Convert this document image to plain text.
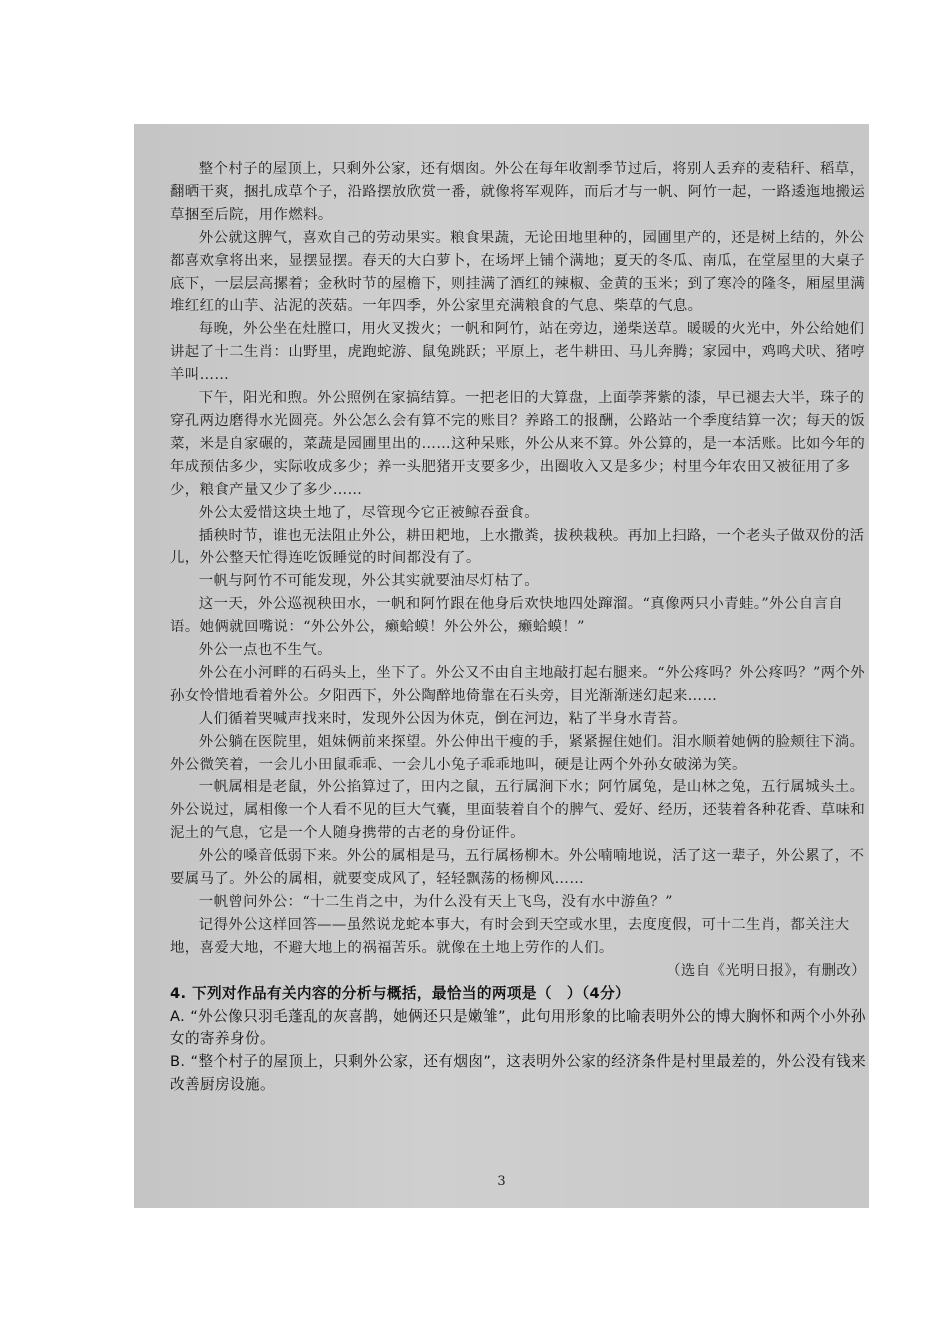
整个村子的屋顶上，只剩外公家，还有烟囱。外公在每年收割季节过后，将别人丢弃的麦秸秆、稻草，翻晒干爽，捆扎成草个子，沿路摆放欣赏一番，就像将军观阵，而后才与一帆、阿竹一起，一路逶迤地搬运草捆至后院，用作燃料。

外公就这脾气，喜欢自己的劳动果实。粮食果蔬，无论田地里种的，园圃里产的，还是树上结的，外公都喜欢拿将出来，显摆显摆。春天的大白萝卜，在场坪上铺个满地；夏天的冬瓜、南瓜，在堂屋里的大桌子底下，一层层高摞着；金秋时节的屋檐下，则挂满了酒红的辣椒、金黄的玉米；到了寒冷的隆冬，厢屋里满堆红红的山芋、沾泥的茨菇。一年四季，外公家里充满粮食的气息、柴草的气息。

每晚，外公坐在灶膛口，用火叉拨火；一帆和阿竹，站在旁边，递柴送草。暖暖的火光中，外公给她们讲起了十二生肖：山野里，虎跑蛇游、鼠兔跳跃；平原上，老牛耕田、马儿奔腾；家园中，鸡鸣犬吠、猪哼羊叫……

下午，阳光和煦。外公照例在家搞结算。一把老旧的大算盘，上面荸荠紫的漆，早已褪去大半，珠子的穿孔两边磨得水光圆亮。外公怎么会有算不完的账目？养路工的报酬，公路站一个季度结算一次；每天的饭菜，米是自家碾的，菜蔬是园圃里出的……这种呆账，外公从来不算。外公算的，是一本活账。比如今年的年成预估多少，实际收成多少；养一头肥猪开支要多少，出圈收入又是多少；村里今年农田又被征用了多少，粮食产量又少了多少……

外公太爱惜这块土地了，尽管现今它正被鲸吞蚕食。

插秧时节，谁也无法阻止外公，耕田耙地，上水撒粪，拔秧栽秧。再加上扫路，一个老头子做双份的活儿，外公整天忙得连吃饭睡觉的时间都没有了。

一帆与阿竹不可能发现，外公其实就要油尽灯枯了。

这一天，外公巡视秧田水，一帆和阿竹跟在他身后欢快地四处蹿溜。“真像两只小青蛙。”外公自言自语。她俩就回嘴说：“外公外公，癞蛤蟆！外公外公，癞蛤蟆！”

外公一点也不生气。

外公在小河畔的石码头上，坐下了。外公又不由自主地敲打起右腿来。“外公疼吗？外公疼吗？”两个外孙女怜惜地看着外公。夕阳西下，外公陶醉地倚靠在石头旁，目光渐渐迷幻起来……

人们循着哭喊声找来时，发现外公因为休克，倒在河边，粘了半身水青苔。

外公躺在医院里，姐妹俩前来探望。外公伸出干瘦的手，紧紧握住她们。泪水顺着她俩的脸颊往下淌。外公微笑着，一会儿小田鼠乖乖、一会儿小兔子乖乖地叫，硬是让两个外孙女破涕为笑。

一帆属相是老鼠，外公掐算过了，田内之鼠，五行属涧下水；阿竹属兔，是山林之兔，五行属城头土。外公说过，属相像一个人看不见的巨大气囊，里面装着自个的脾气、爱好、经历，还装着各种花香、草味和泥土的气息，它是一个人随身携带的古老的身份证件。

外公的嗓音低弱下来。外公的属相是马，五行属杨柳木。外公喃喃地说，活了这一辈子，外公累了，不要属马了。外公的属相，就要变成风了，轻轻飘荡的杨柳风……

一帆曾问外公：“十二生肖之中，为什么没有天上飞鸟，没有水中游鱼？”

记得外公这样回答——虽然说龙蛇本事大，有时会到天空或水里，去度度假，可十二生肖，都关注大地，喜爱大地，不避大地上的祸福苦乐。就像在土地上劳作的人们。

（选自《光明日报》，有删改）
4. 下列对作品有关内容的分析与概括，最恰当的两项是（　）（4分）
A. “外公像只羽毛蓬乱的灰喜鹊，她俩还只是嫩雏”，此句用形象的比喻表明外公的博大胸怀和两个小外孙女的寄养身份。
B. “整个村子的屋顶上，只剩外公家，还有烟囱”，这表明外公家的经济条件是村里最差的，外公没有钱来改善厨房设施。
3
